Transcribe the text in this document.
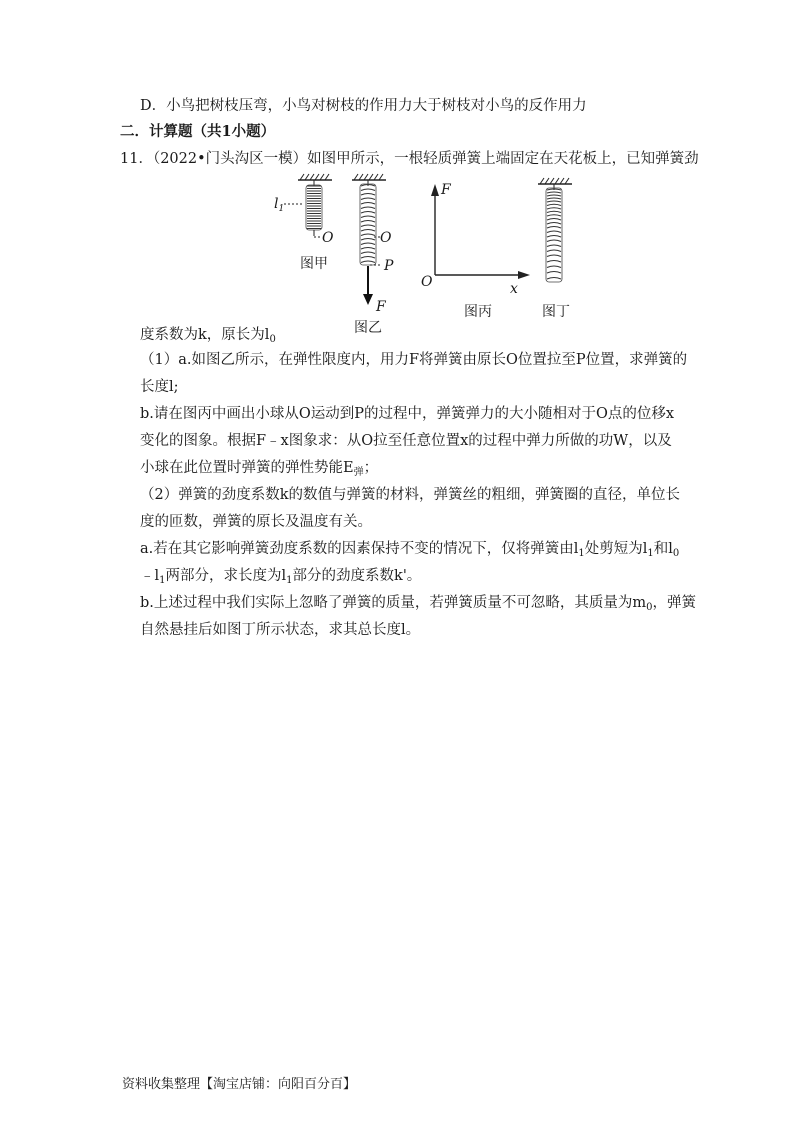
D．小鸟把树枝压弯，小鸟对树枝的作用力大于树枝对小鸟的反作用力
二．计算题（共1小题）
11．（2022•门头沟区一模）如图甲所示，一根轻质弹簧上端固定在天花板上，已知弹簧劲
$l_1$
O
图甲
O
P
F
图乙
F
x
O
图丙	图丁
度系数为k，原长为$l_0$
（1）a.如图乙所示，在弹性限度内，用力F将弹簧由原长O位置拉至P位置，求弹簧的
长度l;
b.请在图丙中画出小球从O运动到P的过程中，弹簧弹力的大小随相对于O点的位移x
变化的图象。根据F﹣x图象求：从O拉至任意位置x的过程中弹力所做的功W，以及
小球在此位置时弹簧的弹性势能$E_弹$；
（2）弹簧的劲度系数k的数值与弹簧的材料，弹簧丝的粗细，弹簧圈的直径，单位长
度的匝数，弹簧的原长及温度有关。
a.若在其它影响弹簧劲度系数的因素保持不变的情况下，仅将弹簧由$l_1$处剪短为$l_1$和$l_0$
$﹣l_1$两部分，求长度为$l_1$部分的劲度系数k'。
b.上述过程中我们实际上忽略了弹簧的质量，若弹簧质量不可忽略，其质量为$m_0$，弹簧
自然悬挂后如图丁所示状态，求其总长度l。
资料收集整理【淘宝店铺：向阳百分百】
